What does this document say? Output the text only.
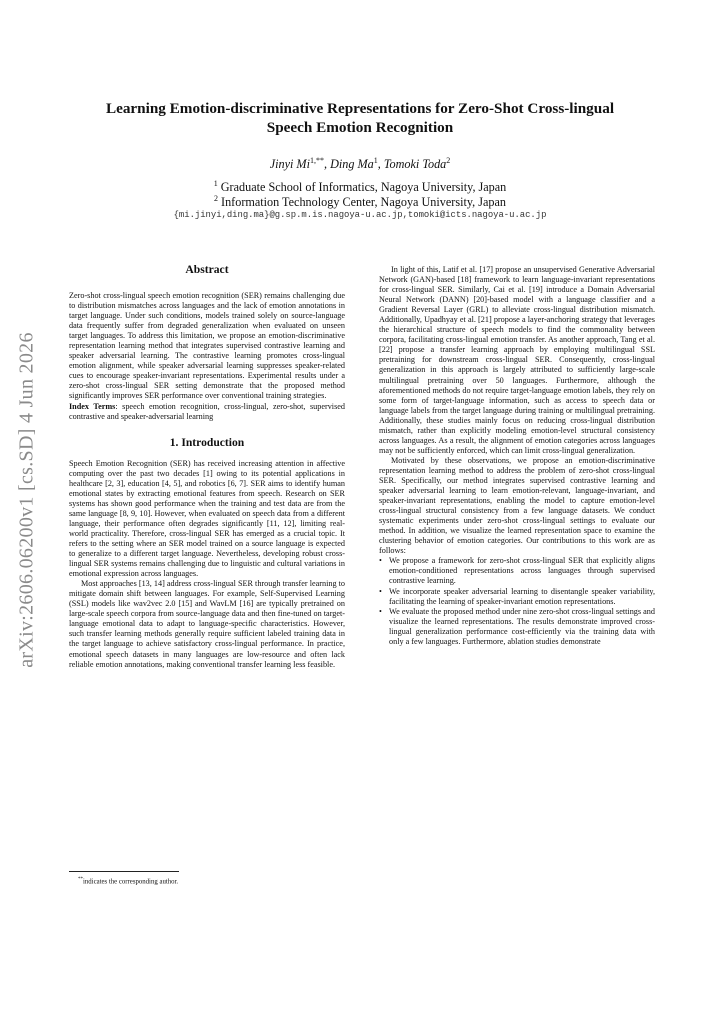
arXiv:2606.06200v1 [cs.SD] 4 Jun 2026
Learning Emotion-discriminative Representations for Zero-Shot Cross-lingual
Speech Emotion Recognition
Jinyi $Mi^{1,**}$, Ding Ma$^1$, Tomoki Toda$^2$
$^1$ Graduate School of Informatics, Nagoya University, Japan
$^2$ Information Technology Center, Nagoya University, Japan
{mi.jinyi,ding.ma}@g.sp.m.is.nagoya-u.ac.jp,tomoki@icts.nagoya-u.ac.jp
Abstract

Zero-shot cross-lingual speech emotion recognition (SER) remains challenging due to distribution mismatches across languages and the lack of emotion annotations in target language. Under such conditions, models trained solely on source-language data frequently suffer from degraded generalization when evaluated on unseen target languages. To address this limitation, we propose an emotion-discriminative representation learning method that integrates supervised contrastive learning and speaker adversarial learning. The contrastive learning promotes cross-lingual emotion alignment, while speaker adversarial learning suppresses speaker-related cues to encourage speaker-invariant representations. Experimental results under a zero-shot cross-lingual SER setting demonstrate that the proposed method significantly improves SER performance over conventional training strategies.

Index Terms: speech emotion recognition, cross-lingual, zero-shot, supervised contrastive and speaker-adversarial learning

1. Introduction

Speech Emotion Recognition (SER) has received increasing attention in affective computing over the past two decades [1] owing to its potential applications in healthcare [2, 3], education [4, 5], and robotics [6, 7]. SER aims to identify human emotional states by extracting emotional features from speech. Research on SER systems has shown good performance when the training and test data are from the same language [8, 9, 10]. However, when evaluated on speech data from a different language, their performance often degrades significantly [11, 12], limiting real-world practicality. Therefore, cross-lingual SER has emerged as a crucial topic. It refers to the setting where an SER model trained on a source language is expected to generalize to a different target language. Nevertheless, developing robust cross-lingual SER systems remains challenging due to linguistic and cultural variations in emotional expression across languages.

Most approaches [13, 14] address cross-lingual SER through transfer learning to mitigate domain shift between languages. For example, Self-Supervised Learning (SSL) models like wav2vec 2.0 [15] and WavLM [16] are typically pretrained on large-scale speech corpora from source-language data and then fine-tuned on target-language emotional data to adapt to language-specific characteristics. However, such transfer learning methods generally require sufficient labeled training data in the target language to achieve satisfactory cross-lingual performance. In practice, emotional speech datasets in many languages are low-resource and often lack reliable emotion annotations, making conventional transfer learning less feasible.

In light of this, Latif et al. [17] propose an unsupervised Generative Adversarial Network (GAN)-based [18] framework to learn language-invariant representations for cross-lingual SER. Similarly, Cai et al. [19] introduce a Domain Adversarial Neural Network (DANN) [20]-based model with a language classifier and a Gradient Reversal Layer (GRL) to alleviate cross-lingual distribution mismatch. Additionally, Upadhyay et al. [21] propose a layer-anchoring strategy that leverages the hierarchical structure of speech models to find the commonality between corpora, facilitating cross-lingual emotion transfer. As another approach, Tang et al. [22] propose a transfer learning approach by employing multilingual SSL pretraining for downstream cross-lingual SER. Consequently, cross-lingual generalization in this approach is largely attributed to sufficiently large-scale multilingual pretraining over 50 languages. Furthermore, although the aforementioned methods do not require target-language emotion labels, they rely on some form of target-language information, such as access to speech data or language labels from the target language during training or multilingual pretraining. Additionally, these studies mainly focus on reducing cross-lingual distribution mismatch, rather than explicitly modeling emotion-level structural consistency across languages. As a result, the alignment of emotion categories across languages may not be sufficiently enforced, which can limit cross-lingual generalization.

Motivated by these observations, we propose an emotion-discriminative representation learning method to address the problem of zero-shot cross-lingual SER. Specifically, our method integrates supervised contrastive learning and speaker adversarial learning to learn emotion-relevant, language-invariant, and speaker-invariant representations, enabling the model to capture emotion-level cross-lingual structural consistency from a few language datasets. We conduct systematic experiments under zero-shot cross-lingual settings to evaluate our method. In addition, we visualize the learned representation space to examine the clustering behavior of emotion categories. Our contributions to this work are as follows:

• We propose a framework for zero-shot cross-lingual SER that explicitly aligns emotion-conditioned representations across languages through supervised contrastive learning.
• We incorporate speaker adversarial learning to disentangle speaker variability, facilitating the learning of speaker-invariant emotion representations.
• We evaluate the proposed method under nine zero-shot cross-lingual settings and visualize the learned representations. The results demonstrate improved cross-lingual generalization performance cost-efficiently via the training data with only a few languages. Furthermore, ablation studies demonstrate
**indicates the corresponding author.
